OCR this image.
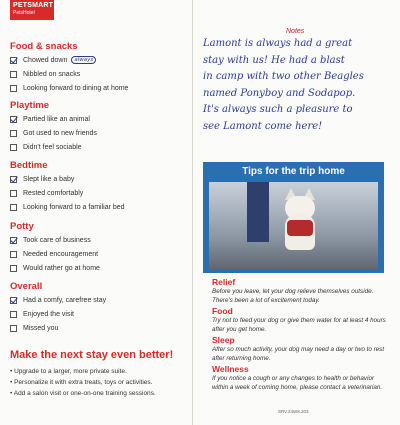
PETSMART
PetsHotel
Food & snacks
Chowed down	always
Nibbled on snacks
Looking forward to dining at home
Playtime
Partied like an animal
Got used to new friends
Didn't feel sociable
Bedtime
Slept like a baby
Rested comfortably
Looking forward to a familiar bed
Potty
Took care of business
Needed encouragement
Would rather go at home
Overall
Had a comfy, carefree stay
Enjoyed the visit
Missed you
Make the next stay even better!
• Upgrade to a larger, more private suite.
• Personalize it with extra treats, toys or activities.
• Add a salon visit or one-on-one training sessions.
Notes
Lamont is always had a great
stay with us! He had a blast
in camp with two other Beagles
named Ponyboy and Sodapop.
It's always such a pleasure to
see Lamont come here!
Tips for the trip home
Relief
Before you leave, let your dog relieve themselves outside. There's been a lot of excitement today.
Food
Try not to feed your dog or give them water for at least 4 hours after you get home.
Sleep
After so much activity, your dog may need a day or two to rest after returning home.
Wellness
If you notice a cough or any changes to health or behavior within a week of coming home, please contact a veterinarian.
SRV.24W8.203
